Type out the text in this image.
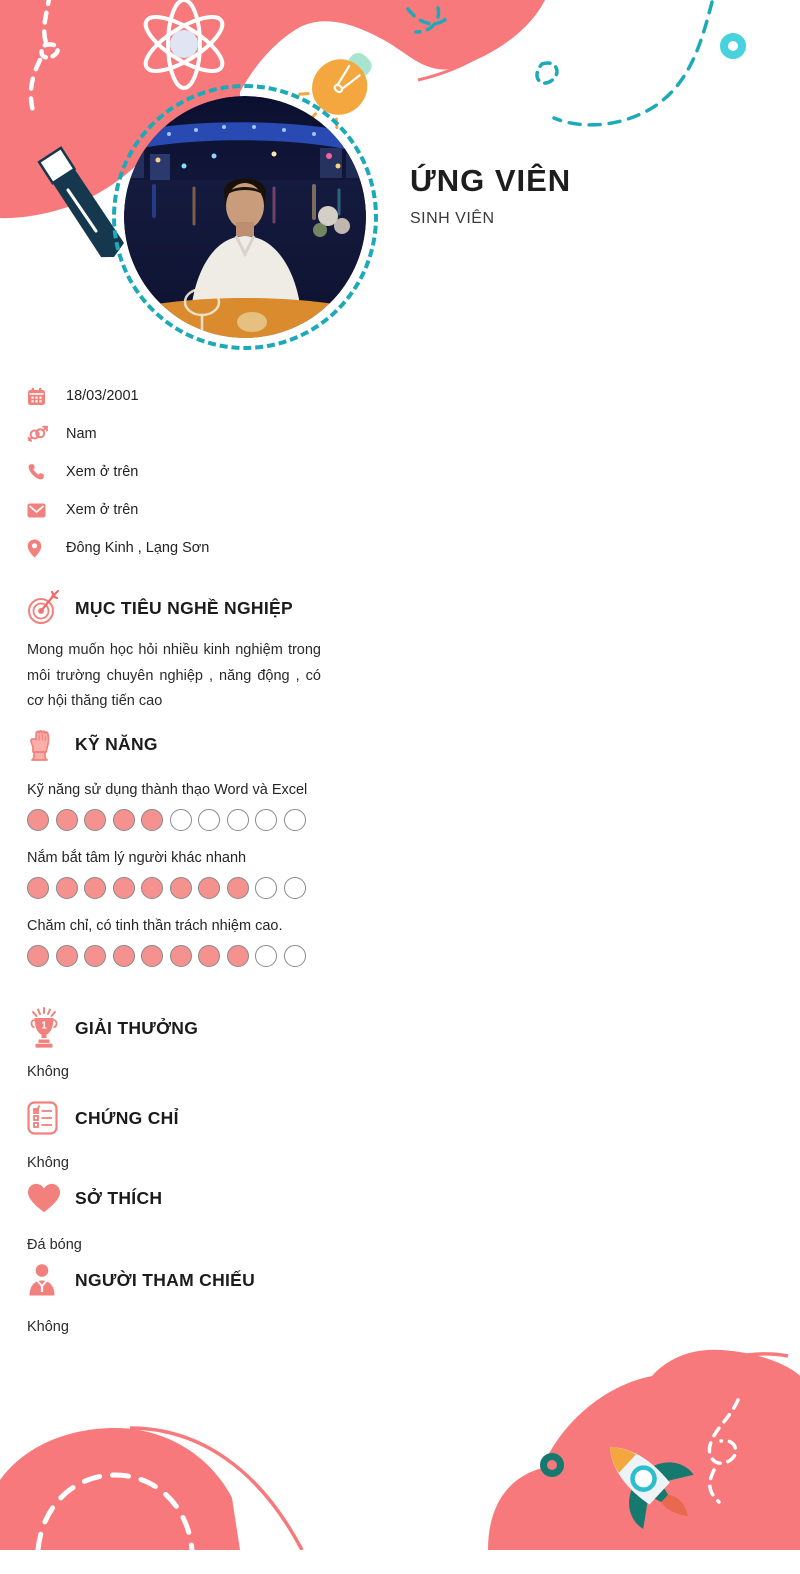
ỨNG VIÊN
SINH VIÊN
18/03/2001
Nam
Xem ở trên
Xem ở trên
Đông Kinh , Lạng Sơn
MỤC TIÊU NGHỀ NGHIỆP

Mong muốn học hỏi nhiều kinh nghiệm trong môi trường chuyên nghiệp , năng động , có cơ hội thăng tiến cao

KỸ NĂNG
Kỹ năng sử dụng thành thạo Word và Excel
Nắm bắt tâm lý người khác nhanh
Chăm chỉ, có tinh thần trách nhiệm cao.
1 GIẢI THƯỞNG
Không
CHỨNG CHỈ
Không
SỞ THÍCH
Đá bóng
NGƯỜI THAM CHIẾU
Không
